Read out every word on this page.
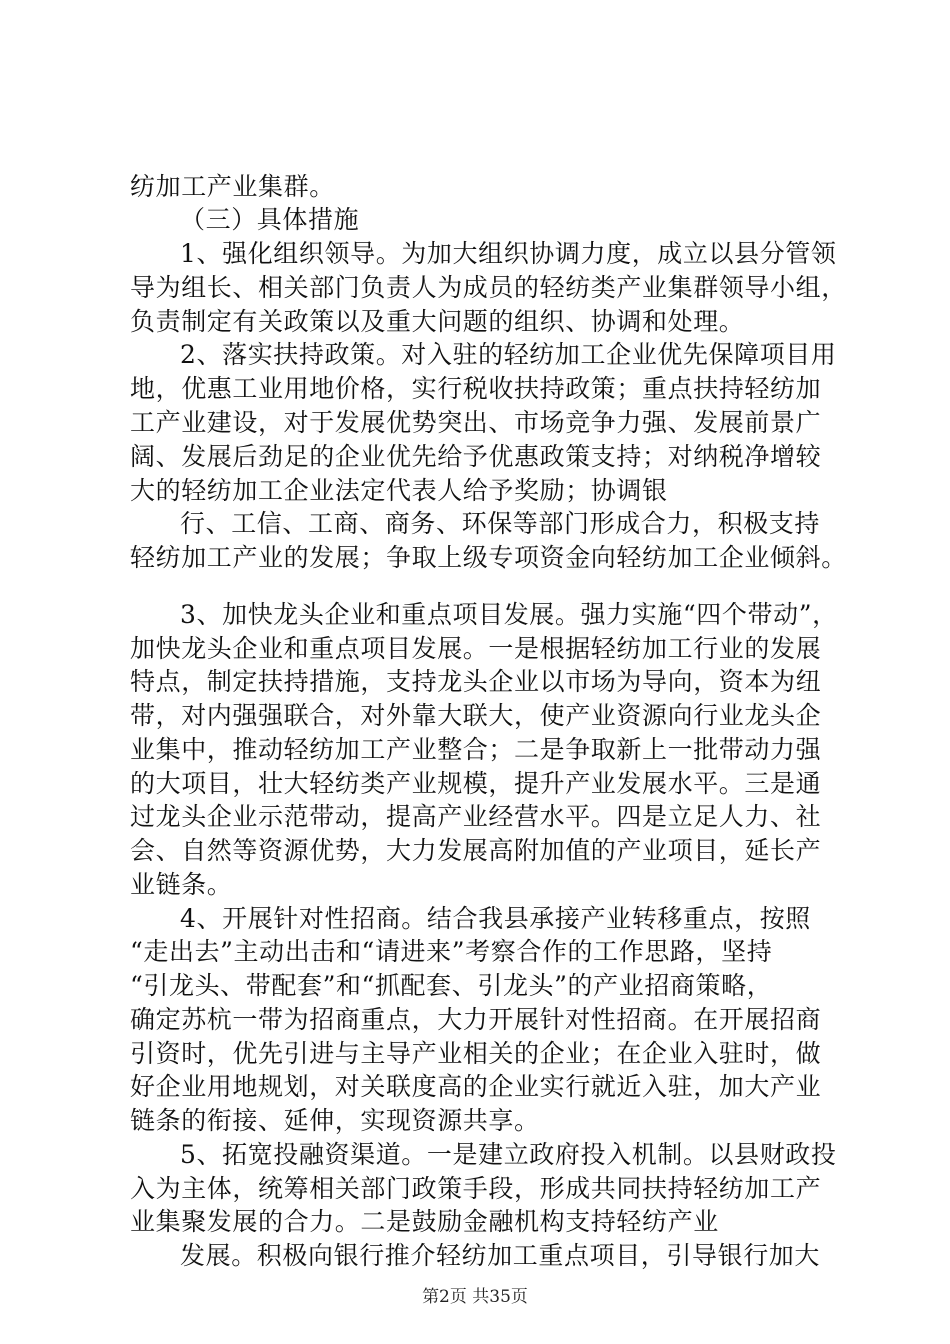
纺加工产业集群。
（三）具体措施
1、强化组织领导。为加大组织协调力度，成立以县分管领
导为组长、相关部门负责人为成员的轻纺类产业集群领导小组，
负责制定有关政策以及重大问题的组织、协调和处理。
2、落实扶持政策。对入驻的轻纺加工企业优先保障项目用
地，优惠工业用地价格，实行税收扶持政策；重点扶持轻纺加
工产业建设，对于发展优势突出、市场竞争力强、发展前景广
阔、发展后劲足的企业优先给予优惠政策支持；对纳税净增较
大的轻纺加工企业法定代表人给予奖励；协调银
行、工信、工商、商务、环保等部门形成合力，积极支持
轻纺加工产业的发展；争取上级专项资金向轻纺加工企业倾斜。
3、加快龙头企业和重点项目发展。强力实施“四个带动”，
加快龙头企业和重点项目发展。一是根据轻纺加工行业的发展
特点，制定扶持措施，支持龙头企业以市场为导向，资本为纽
带，对内强强联合，对外靠大联大，使产业资源向行业龙头企
业集中，推动轻纺加工产业整合；二是争取新上一批带动力强
的大项目，壮大轻纺类产业规模，提升产业发展水平。三是通
过龙头企业示范带动，提高产业经营水平。四是立足人力、社
会、自然等资源优势，大力发展高附加值的产业项目，延长产
业链条。
4、开展针对性招商。结合我县承接产业转移重点，按照
“走出去”主动出击和“请进来”考察合作的工作思路，坚持
“引龙头、带配套”和“抓配套、引龙头”的产业招商策略，
确定苏杭一带为招商重点，大力开展针对性招商。在开展招商
引资时，优先引进与主导产业相关的企业；在企业入驻时，做
好企业用地规划，对关联度高的企业实行就近入驻，加大产业
链条的衔接、延伸，实现资源共享。
5、拓宽投融资渠道。一是建立政府投入机制。以县财政投
入为主体，统筹相关部门政策手段，形成共同扶持轻纺加工产
业集聚发展的合力。二是鼓励金融机构支持轻纺产业
发展。积极向银行推介轻纺加工重点项目，引导银行加大
第2页 共35页
